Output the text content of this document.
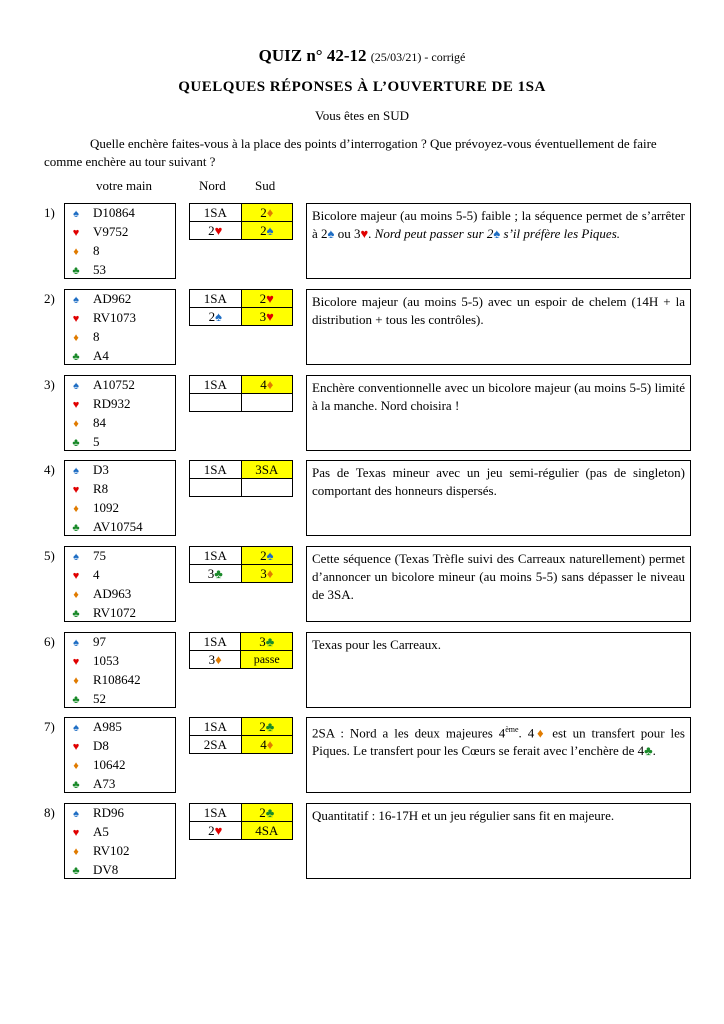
QUIZ n° 42-12 (25/03/21) - corrigé
QUELQUES RÉPONSES À L’OUVERTURE DE 1SA
Vous êtes en SUD
Quelle enchère faites-vous à la place des points d’interrogation ? Que prévoyez-vous éventuellement de faire comme enchère au tour suivant ?
votre main	Nord Sud
1)	♠ D10864
♥ V9752
♦ 8
♣ 53
1SA	2♦
2♥	2♠
Bicolore majeur (au moins 5-5) faible ; la séquence permet de s’arrêter à 2♠ ou 3♥. Nord peut passer sur 2♠ s’il préfère les Piques.
2)	♠ AD962
♥ RV1073
♦ 8
♣ A4
1SA	2♥
2♠	3♥
Bicolore majeur (au moins 5-5) avec un espoir de chelem (14H + la distribution + tous les contrôles).
3)	♠ A10752
♥ RD932
♦ 84
♣ 5
1SA	4♦
		Enchère conventionnelle avec un bicolore majeur (au moins 5-5) limité à la manche. Nord choisira !
4)	♠ D3
♥ R8
♦ 1092
♣ AV10754
1SA	3SA
		Pas de Texas mineur avec un jeu semi-régulier (pas de singleton) comportant des honneurs dispersés.
5)	♠ 75
♥ 4
♦ AD963
♣ RV1072
1SA	2♠
3♣	3♦
Cette séquence (Texas Trèfle suivi des Carreaux naturellement) permet d’annoncer un bicolore mineur (au moins 5-5) sans dépasser le niveau de 3SA.
6)	♠ 97
♥ 1053
♦ R108642
♣ 52
1SA	3♣
3♦	passe
Texas pour les Carreaux.
7)	♠ A985
♥ D8
♦ 10642
♣ A73
1SA	2♣
2SA	4♦
2SA : Nord a les deux majeures 4ème. 4♦ est un transfert pour les Piques. Le transfert pour les Cœurs se ferait avec l’enchère de 4♣.
8)	♠ RD96
♥ A5
♦ RV102
♣ DV8
1SA	2♣
2♥	4SA
Quantitatif : 16-17H et un jeu régulier sans fit en majeure.
